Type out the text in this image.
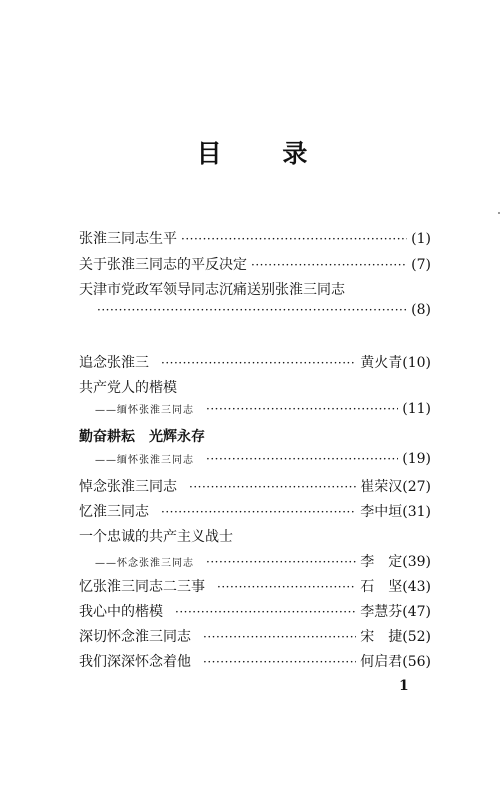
目 录
张淮三同志生平 ·····	(1)
关于张淮三同志的平反决定 ·····	(7)
天津市党政军领导同志沉痛送别张淮三同志
·····
(8)
追念张淮三 ·····	黄火青 (10)
共产党人的楷模
——缅怀张淮三同志 ·····	(11)
勤奋耕耘　光辉永存
——缅怀张淮三同志 ·····	(19)
悼念张淮三同志 ·····	崔荣汉 (27)
忆淮三同志 ·····	李中垣 (31)
一个忠诚的共产主义战士
——怀念张淮三同志 ·····	李　定 (39)
忆张淮三同志二三事 ·····	石　坚 (43)
我心中的楷模 ·····	李慧芬 (47)
深切怀念淮三同志 ·····	宋　捷 (52)
我们深深怀念着他 ·····	何启君 (56)
1
